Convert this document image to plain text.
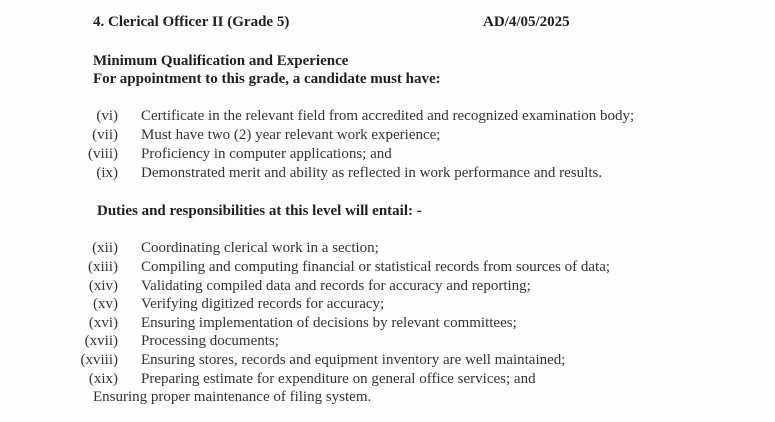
4. Clerical Officer II (Grade 5)	AD/4/05/2025
Minimum Qualification and Experience
For appointment to this grade, a candidate must have:
(vi) Certificate in the relevant field from accredited and recognized examination body;
(vii) Must have two (2) year relevant work experience;
(viii) Proficiency in computer applications; and
(ix) Demonstrated merit and ability as reflected in work performance and results.
Duties and responsibilities at this level will entail: -
(xii) Coordinating clerical work in a section;
(xiii) Compiling and computing financial or statistical records from sources of data;
(xiv) Validating compiled data and records for accuracy and reporting;
(xv) Verifying digitized records for accuracy;
(xvi) Ensuring implementation of decisions by relevant committees;
(xvii) Processing documents;
(xviii) Ensuring stores, records and equipment inventory are well maintained;
(xix) Preparing estimate for expenditure on general office services; and
Ensuring proper maintenance of filing system.
